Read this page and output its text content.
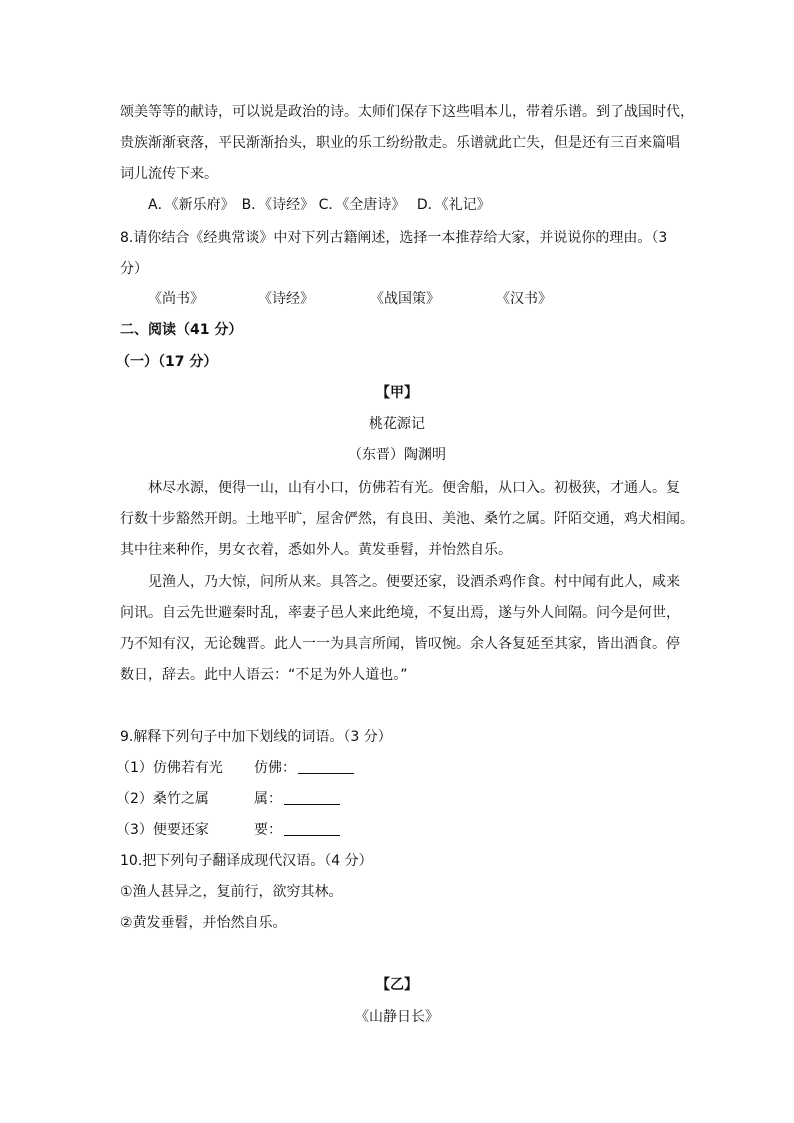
颂美等等的献诗，可以说是政治的诗。太师们保存下这些唱本儿，带着乐谱。到了战国时代，
贵族渐渐衰落，平民渐渐抬头，职业的乐工纷纷散走。乐谱就此亡失，但是还有三百来篇唱
词儿流传下来。
A．《新乐府》　B．《诗经》 C．《全唐诗》　 D．《礼记》
8.请你结合《经典常谈》中对下列古籍阐述，选择一本推荐给大家，并说说你的理由。（3
分）
《尚书》	《诗经》	《战国策》	《汉书》
二、阅读（41 分）
（一）（17 分）
【甲】
桃花源记
（东晋）陶渊明
林尽水源，便得一山，山有小口，仿佛若有光。便舍船，从口入。初极狭，才通人。复
行数十步豁然开朗。土地平旷，屋舍俨然，有良田、美池、桑竹之属。阡陌交通，鸡犬相闻。
其中往来种作，男女衣着，悉如外人。黄发垂髫，并怡然自乐。
见渔人，乃大惊，问所从来。具答之。便要还家，设酒杀鸡作食。村中闻有此人，咸来
问讯。自云先世避秦时乱，率妻子邑人来此绝境，不复出焉，遂与外人间隔。问今是何世，
乃不知有汉，无论魏晋。此人一一为具言所闻，皆叹惋。余人各复延至其家，皆出酒食。停
数日，辞去。此中人语云：“不足为外人道也。”
9.解释下列句子中加下划线的词语。（3 分）
（1）仿佛若有光 仿佛：
（2）桑竹之属	属：
（3）便要还家	要：
10.把下列句子翻译成现代汉语。（4 分）
①渔人甚异之，复前行，欲穷其林。
②黄发垂髫，并怡然自乐。
【乙】
《山静日长》
